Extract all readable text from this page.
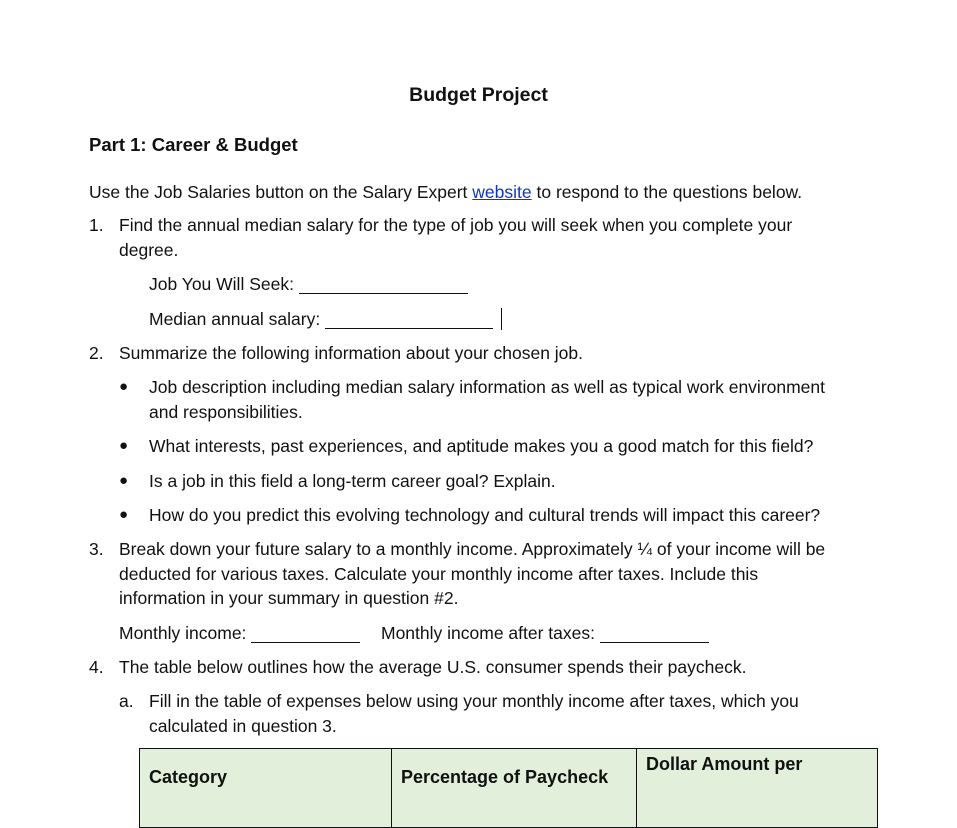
Budget Project
Part 1: Career & Budget
Use the Job Salaries button on the Salary Expert website to respond to the questions below.
1. Find the annual median salary for the type of job you will seek when you complete your
degree.
Job You Will Seek:
Median annual salary:
2. Summarize the following information about your chosen job.
● Job description including median salary information as well as typical work environment
and responsibilities.
● What interests, past experiences, and aptitude makes you a good match for this field?
● Is a job in this field a long-term career goal? Explain.
● How do you predict this evolving technology and cultural trends will impact this career?
3. Break down your future salary to a monthly income. Approximately ¼ of your income will be
deducted for various taxes. Calculate your monthly income after taxes. Include this
information in your summary in question #2.
Monthly income:	Monthly income after taxes:
4. The table below outlines how the average U.S. consumer spends their paycheck.
a. Fill in the table of expenses below using your monthly income after taxes, which you
calculated in question 3.
Category	Percentage of Paycheck	Dollar Amount per
